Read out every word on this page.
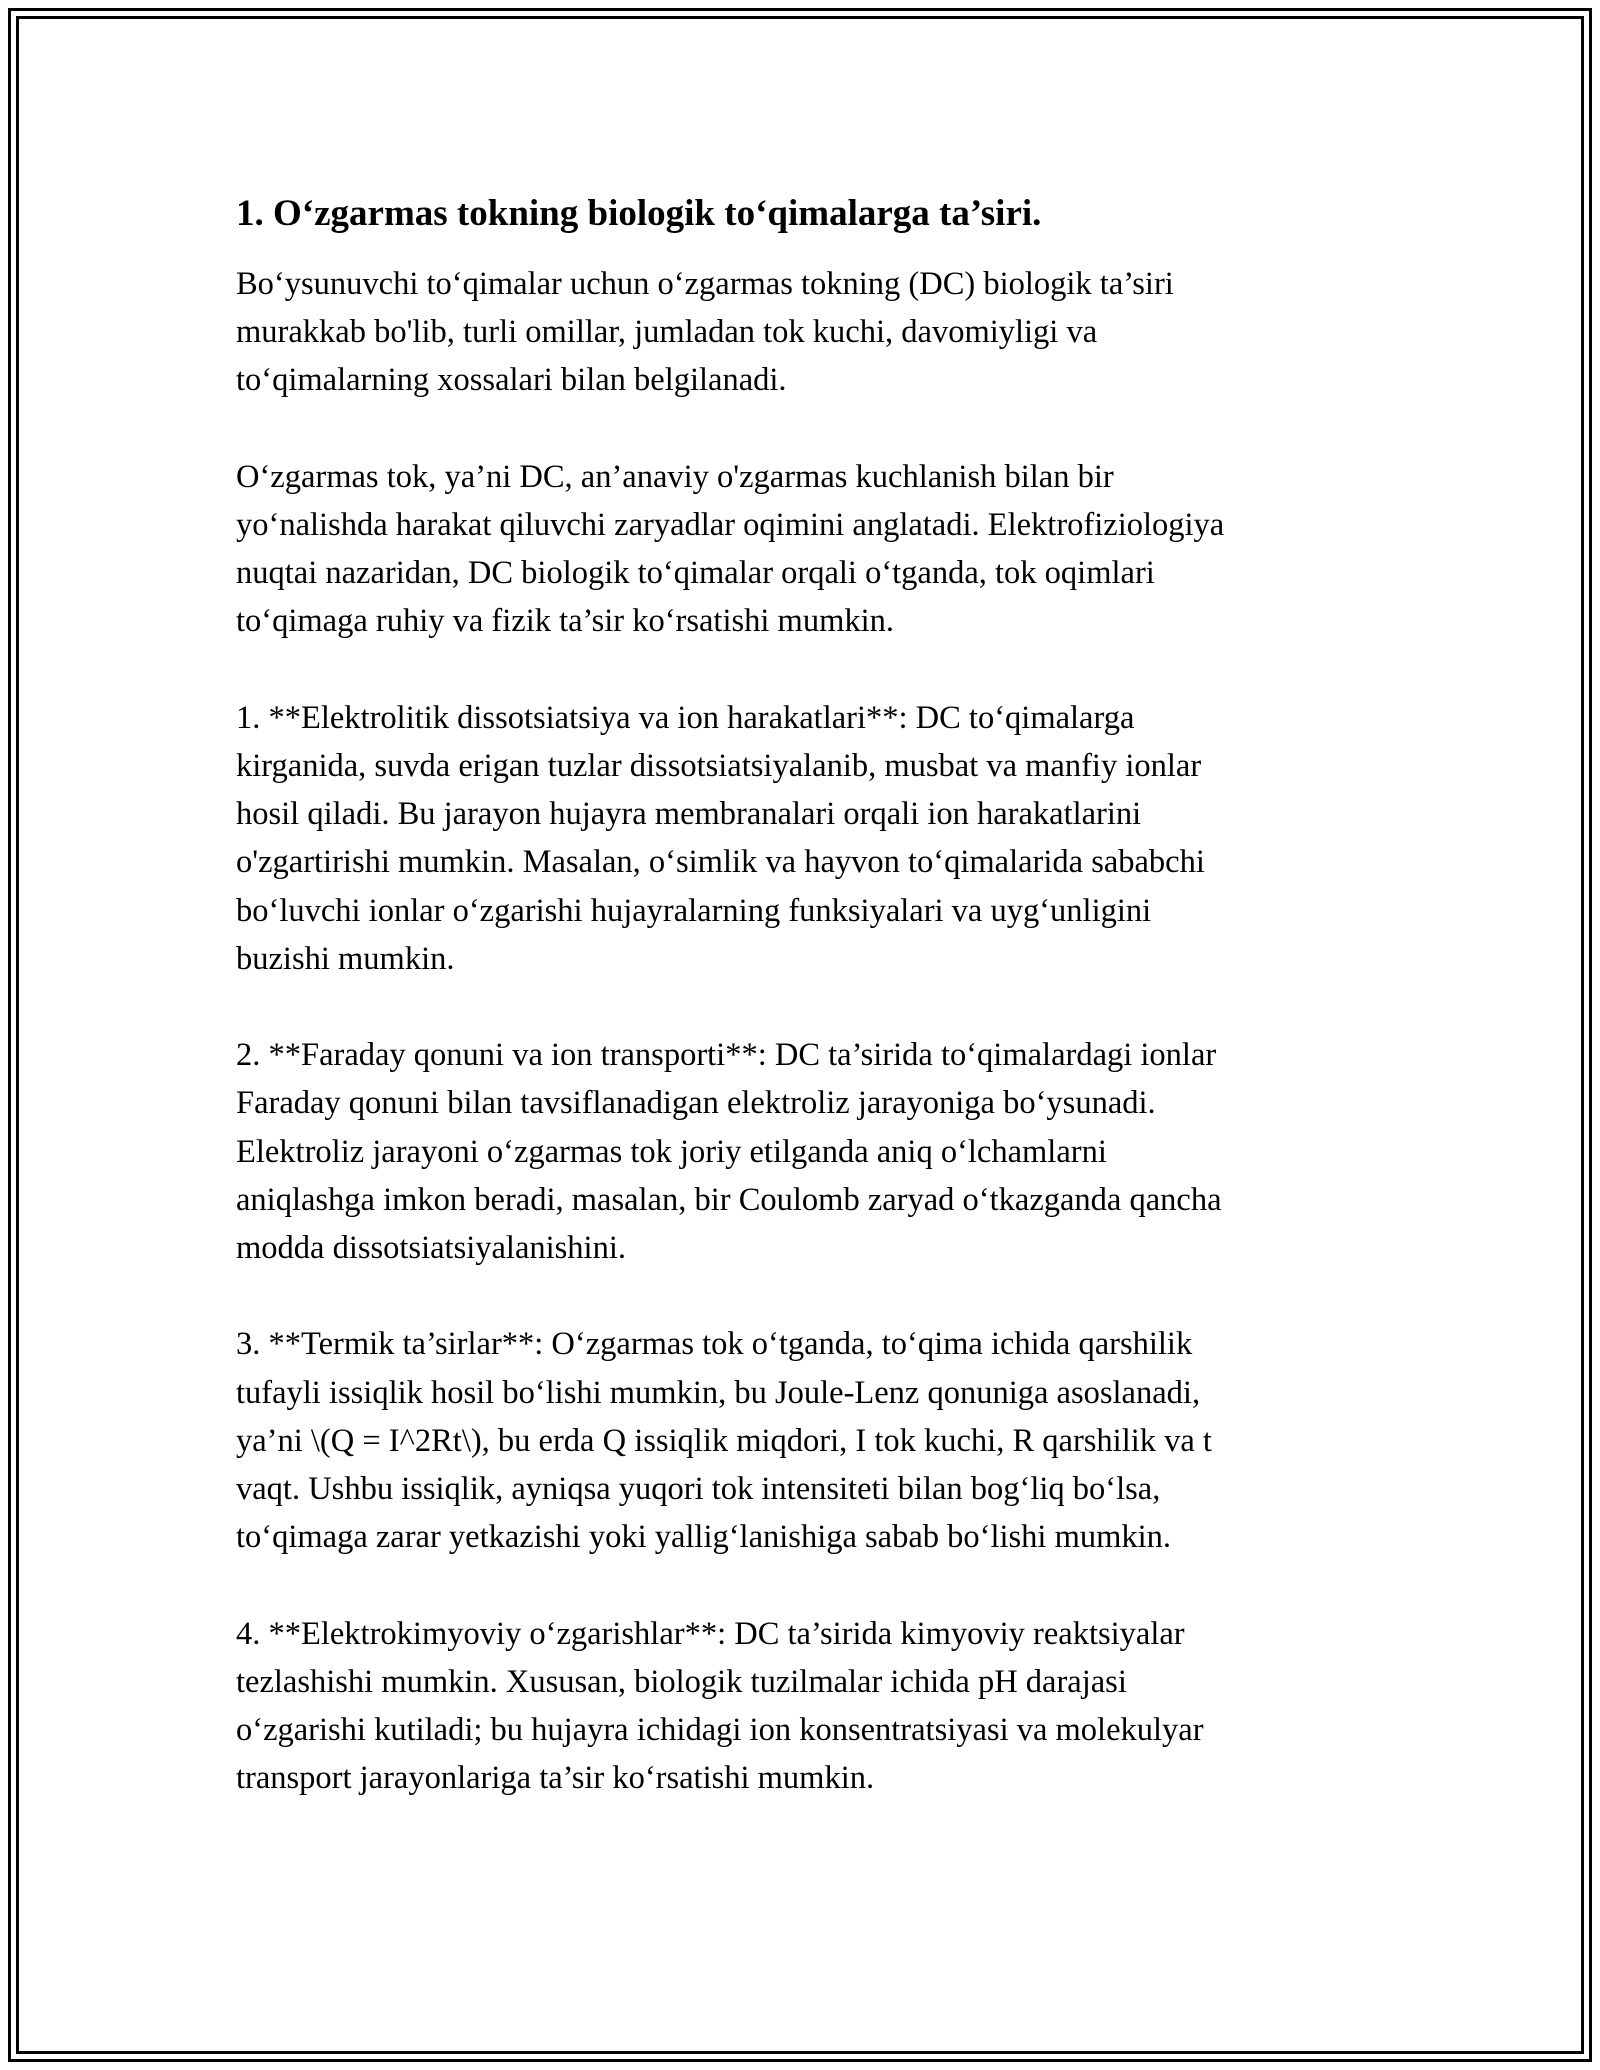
1. O‘zgarmas tokning biologik to‘qimalarga ta’siri.

Bo‘ysunuvchi to‘qimalar uchun o‘zgarmas tokning (DC) biologik ta’siri
murakkab bo'lib, turli omillar, jumladan tok kuchi, davomiyligi va
to‘qimalarning xossalari bilan belgilanadi.

O‘zgarmas tok, ya’ni DC, an’anaviy o'zgarmas kuchlanish bilan bir
yo‘nalishda harakat qiluvchi zaryadlar oqimini anglatadi. Elektrofiziologiya
nuqtai nazaridan, DC biologik to‘qimalar orqali o‘tganda, tok oqimlari
to‘qimaga ruhiy va fizik ta’sir ko‘rsatishi mumkin.

1. **Elektrolitik dissotsiatsiya va ion harakatlari**: DC to‘qimalarga
kirganida, suvda erigan tuzlar dissotsiatsiyalanib, musbat va manfiy ionlar
hosil qiladi. Bu jarayon hujayra membranalari orqali ion harakatlarini
o'zgartirishi mumkin. Masalan, o‘simlik va hayvon to‘qimalarida sababchi
bo‘luvchi ionlar o‘zgarishi hujayralarning funksiyalari va uyg‘unligini
buzishi mumkin.

2. **Faraday qonuni va ion transporti**: DC ta’sirida to‘qimalardagi ionlar
Faraday qonuni bilan tavsiflanadigan elektroliz jarayoniga bo‘ysunadi.
Elektroliz jarayoni o‘zgarmas tok joriy etilganda aniq o‘lchamlarni
aniqlashga imkon beradi, masalan, bir Coulomb zaryad o‘tkazganda qancha
modda dissotsiatsiyalanishini.

3. **Termik ta’sirlar**: O‘zgarmas tok o‘tganda, to‘qima ichida qarshilik
tufayli issiqlik hosil bo‘lishi mumkin, bu Joule-Lenz qonuniga asoslanadi,
ya’ni \(Q = I^2Rt\), bu erda Q issiqlik miqdori, I tok kuchi, R qarshilik va t
vaqt. Ushbu issiqlik, ayniqsa yuqori tok intensiteti bilan bog‘liq bo‘lsa,
to‘qimaga zarar yetkazishi yoki yallig‘lanishiga sabab bo‘lishi mumkin.

4. **Elektrokimyoviy o‘zgarishlar**: DC ta’sirida kimyoviy reaktsiyalar
tezlashishi mumkin. Xususan, biologik tuzilmalar ichida pH darajasi
o‘zgarishi kutiladi; bu hujayra ichidagi ion konsentratsiyasi va molekulyar
transport jarayonlariga ta’sir ko‘rsatishi mumkin.
